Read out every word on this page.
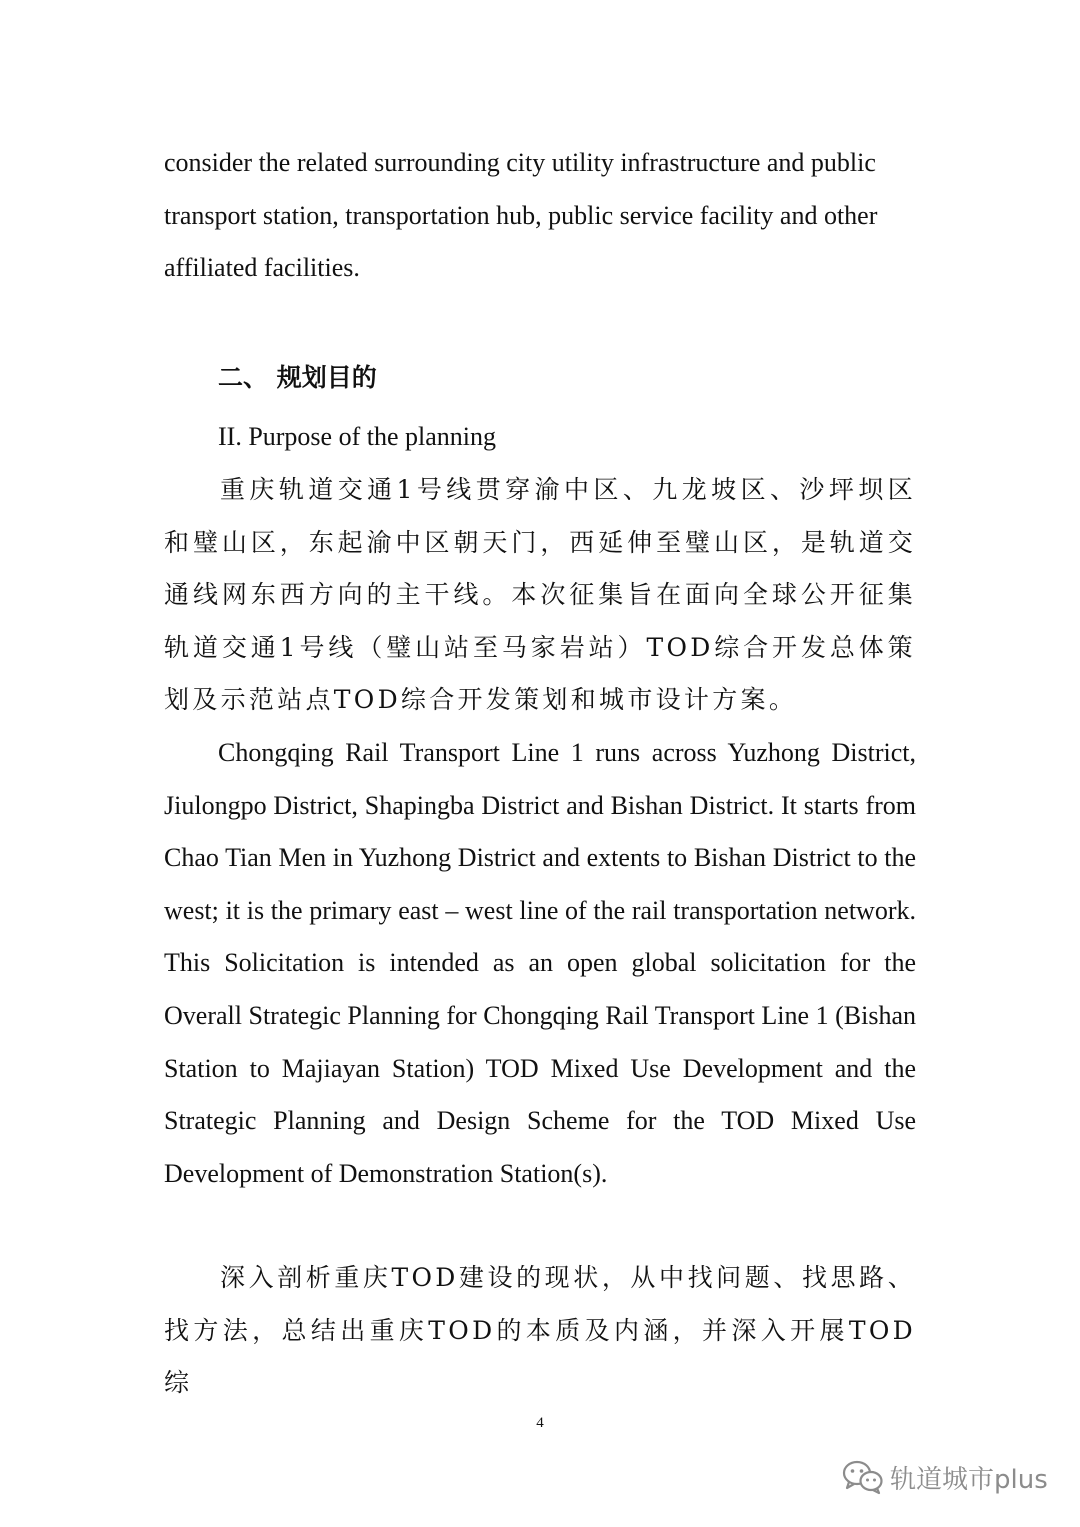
consider the related surrounding city utility infrastructure and public transport station, transportation hub, public service facility and other affiliated facilities.

二、 规划目的

II. Purpose of the planning

重庆轨道交通1号线贯穿渝中区、九龙坡区、沙坪坝区和璧山区，东起渝中区朝天门，西延伸至璧山区，是轨道交通线网东西方向的主干线。本次征集旨在面向全球公开征集轨道交通1号线（璧山站至马家岩站）TOD综合开发总体策划及示范站点TOD综合开发策划和城市设计方案。

Chongqing Rail Transport Line 1 runs across Yuzhong District, Jiulongpo District, Shapingba District and Bishan District. It starts from Chao Tian Men in Yuzhong District and extents to Bishan District to the west; it is the primary east – west line of the rail transportation network. This Solicitation is intended as an open global solicitation for the Overall Strategic Planning for Chongqing Rail Transport Line 1 (Bishan Station to Majiayan Station) TOD Mixed Use Development and the Strategic Planning and Design Scheme for the TOD Mixed Use Development of Demonstration Station(s).

深入剖析重庆TOD建设的现状，从中找问题、找思路、找方法，总结出重庆TOD的本质及内涵，并深入开展TOD综

4

轨道城市plus
